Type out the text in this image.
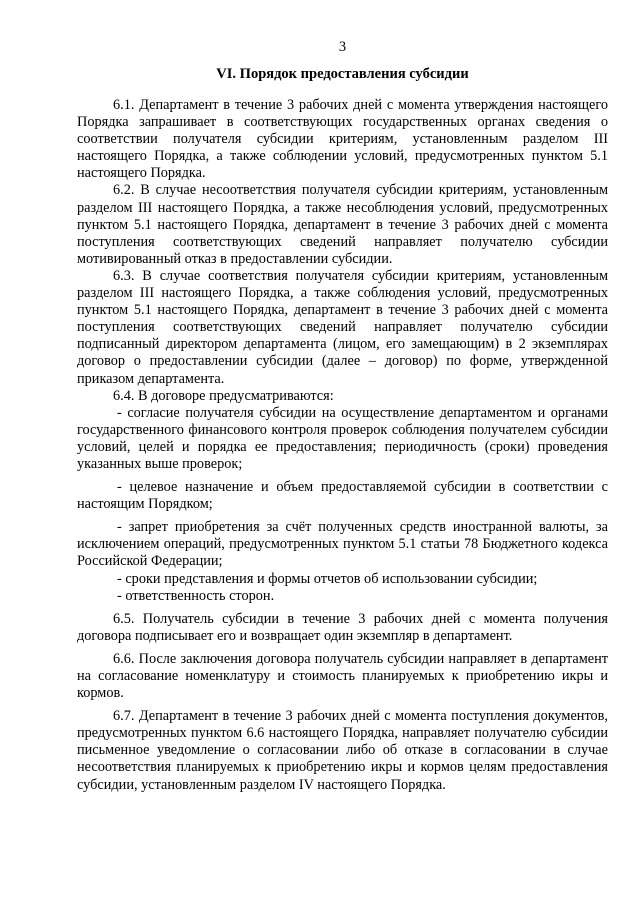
3
VI. Порядок предоставления субсидии

6.1. Департамент в течение 3 рабочих дней с момента утверждения настоящего Порядка запрашивает в соответствующих государственных органах сведения о соответствии получателя субсидии критериям, установленным разделом III настоящего Порядка, а также соблюдении условий, предусмотренных пунктом 5.1 настоящего Порядка.

6.2. В случае несоответствия получателя субсидии критериям, установленным разделом III настоящего Порядка, а также несоблюдения условий, предусмотренных пунктом 5.1 настоящего Порядка, департамент в течение 3 рабочих дней с момента поступления соответствующих сведений направляет получателю субсидии мотивированный отказ в предоставлении субсидии.

6.3. В случае соответствия получателя субсидии критериям, установленным разделом III настоящего Порядка, а также соблюдения условий, предусмотренных пунктом 5.1 настоящего Порядка, департамент в течение 3 рабочих дней с момента поступления соответствующих сведений направляет получателю субсидии подписанный директором департамента (лицом, его замещающим) в 2 экземплярах договор о предоставлении субсидии (далее – договор) по форме, утвержденной приказом департамента.

6.4. В договоре предусматриваются:

- согласие получателя субсидии на осуществление департаментом и органами государственного финансового контроля проверок соблюдения получателем субсидии условий, целей и порядка ее предоставления; периодичность (сроки) проведения указанных выше проверок;

- целевое назначение и объем предоставляемой субсидии в соответствии с настоящим Порядком;

- запрет приобретения за счёт полученных средств иностранной валюты, за исключением операций, предусмотренных пунктом 5.1 статьи 78 Бюджетного кодекса Российской Федерации;

- сроки представления и формы отчетов об использовании субсидии;

- ответственность сторон.

6.5. Получатель субсидии в течение 3 рабочих дней с момента получения договора подписывает его и возвращает один экземпляр в департамент.

6.6. После заключения договора получатель субсидии направляет в департамент на согласование номенклатуру и стоимость планируемых к приобретению икры и кормов.

6.7. Департамент в течение 3 рабочих дней с момента поступления документов, предусмотренных пунктом 6.6 настоящего Порядка, направляет получателю субсидии письменное уведомление о согласовании либо об отказе в согласовании в случае несоответствия планируемых к приобретению икры и кормов целям предоставления субсидии, установленным разделом IV настоящего Порядка.
